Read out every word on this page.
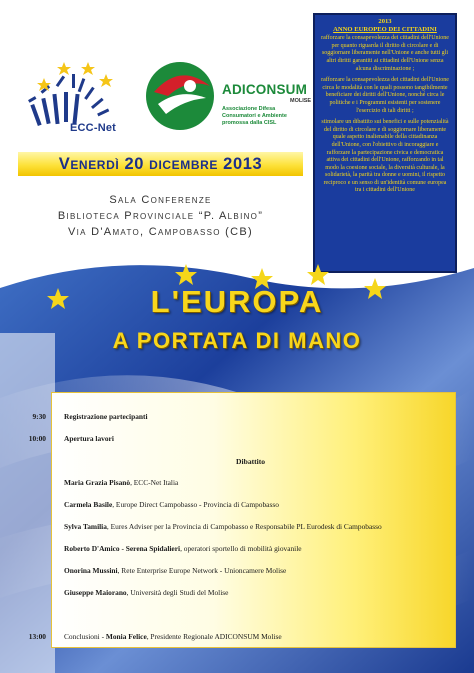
ECC-Net
ADICONSUM
MOLISE
Associazione Difesa
Consumatori e Ambiente
promossa dalla CISL
2013
ANNO EUROPEO DEI CITTADINI

rafforzare la consapevolezza dei cittadini dell'Unione per quanto riguarda il diritto di circolare e di soggiornare liberamente nell'Unione e anche tutti gli altri diritti garantiti ai cittadini dell'Unione senza alcuna discriminazione ;

rafforzare la consapevolezza dei cittadini dell'Unione circa le modalità con le quali possono tangibilmente beneficiare dei diritti dell'Unione, nonché circa le politiche e i Programmi esistenti per sostenere l'esercizio di tali diritti ;

stimolare un dibattito sui benefici e sulle potenzialità del diritto di circolare e di soggiornare liberamente quale aspetto inalienabile della cittadinanza dell'Unione, con l'obiettivo di incoraggiare e rafforzare la partecipazione civica e democratica attiva dei cittadini dell'Unione, rafforzando in tal modo la coesione sociale, la diversità culturale, la solidarietà, la parità tra donne e uomini, il rispetto reciproco e un senso di un'identità comune europea tra i cittadini dell'Unione

Venerdì 20 dicembre 2013
Sala Conferenze
Biblioteca Provinciale “P. Albino”
Via D'Amato, Campobasso (CB)
L'EUROPA
A PORTATA DI MANO
9:30 Registrazione partecipanti
10:00 Apertura lavori
Dibattito
Maria Grazia Pisanò, ECC-Net Italia
Carmela Basile, Europe Direct Campobasso - Provincia di Campobasso
Sylva Tamilia, Eures Adviser per la Provincia di Campobasso e Responsabile PL Eurodesk di Campobasso
Roberto D'Amico - Serena Spidalieri, operatori sportello di mobilità giovanile
Onorina Mussini, Rete Enterprise Europe Network - Unioncamere Molise
Giuseppe Maiorano, Università degli Studi del Molise
13:00 Conclusioni - Monia Felice, Presidente Regionale ADICONSUM Molise
